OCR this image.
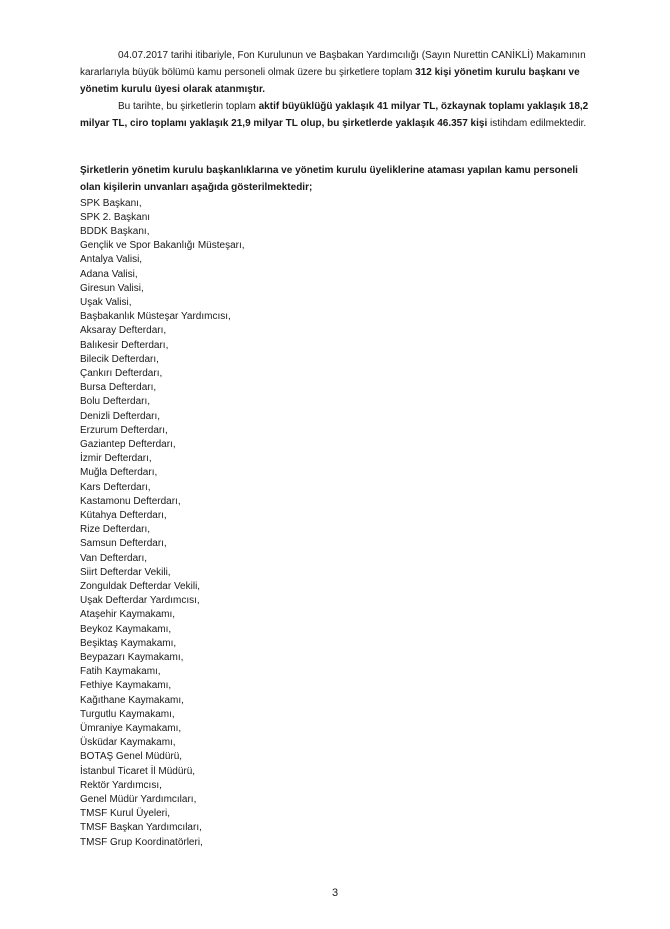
04.07.2017 tarihi itibariyle, Fon Kurulunun ve Başbakan Yardımcılığı (Sayın Nurettin CANİKLİ) Makamının kararlarıyla büyük bölümü kamu personeli olmak üzere bu şirketlere toplam 312 kişi yönetim kurulu başkanı ve yönetim kurulu üyesi olarak atanmıştır.

Bu tarihte, bu şirketlerin toplam aktif büyüklüğü yaklaşık 41 milyar TL, özkaynak toplamı yaklaşık 18,2 milyar TL, ciro toplamı yaklaşık 21,9 milyar TL olup, bu şirketlerde yaklaşık 46.357 kişi istihdam edilmektedir.

Şirketlerin yönetim kurulu başkanlıklarına ve yönetim kurulu üyeliklerine ataması yapılan kamu personeli olan kişilerin unvanları aşağıda gösterilmektedir;

SPK Başkanı,
SPK 2. Başkanı
BDDK Başkanı,
Gençlik ve Spor Bakanlığı Müsteşarı,
Antalya Valisi,
Adana Valisi,
Giresun Valisi,
Uşak Valisi,
Başbakanlık Müsteşar Yardımcısı,
Aksaray Defterdarı,
Balıkesir Defterdarı,
Bilecik Defterdarı,
Çankırı Defterdarı,
Bursa Defterdarı,
Bolu Defterdarı,
Denizli Defterdarı,
Erzurum Defterdarı,
Gaziantep Defterdarı,
İzmir Defterdarı,
Muğla Defterdarı,
Kars Defterdarı,
Kastamonu Defterdarı,
Kütahya Defterdarı,
Rize Defterdarı,
Samsun Defterdarı,
Van Defterdarı,
Siirt Defterdar Vekili,
Zonguldak Defterdar Vekili,
Uşak Defterdar Yardımcısı,
Ataşehir Kaymakamı,
Beykoz Kaymakamı,
Beşiktaş Kaymakamı,
Beypazarı Kaymakamı,
Fatih Kaymakamı,
Fethiye Kaymakamı,
Kağıthane Kaymakamı,
Turgutlu Kaymakamı,
Ümraniye Kaymakamı,
Üsküdar Kaymakamı,
BOTAŞ Genel Müdürü,
İstanbul Ticaret İl Müdürü,
Rektör Yardımcısı,
Genel Müdür Yardımcıları,
TMSF Kurul Üyeleri,
TMSF Başkan Yardımcıları,
TMSF Grup Koordinatörleri,
3
